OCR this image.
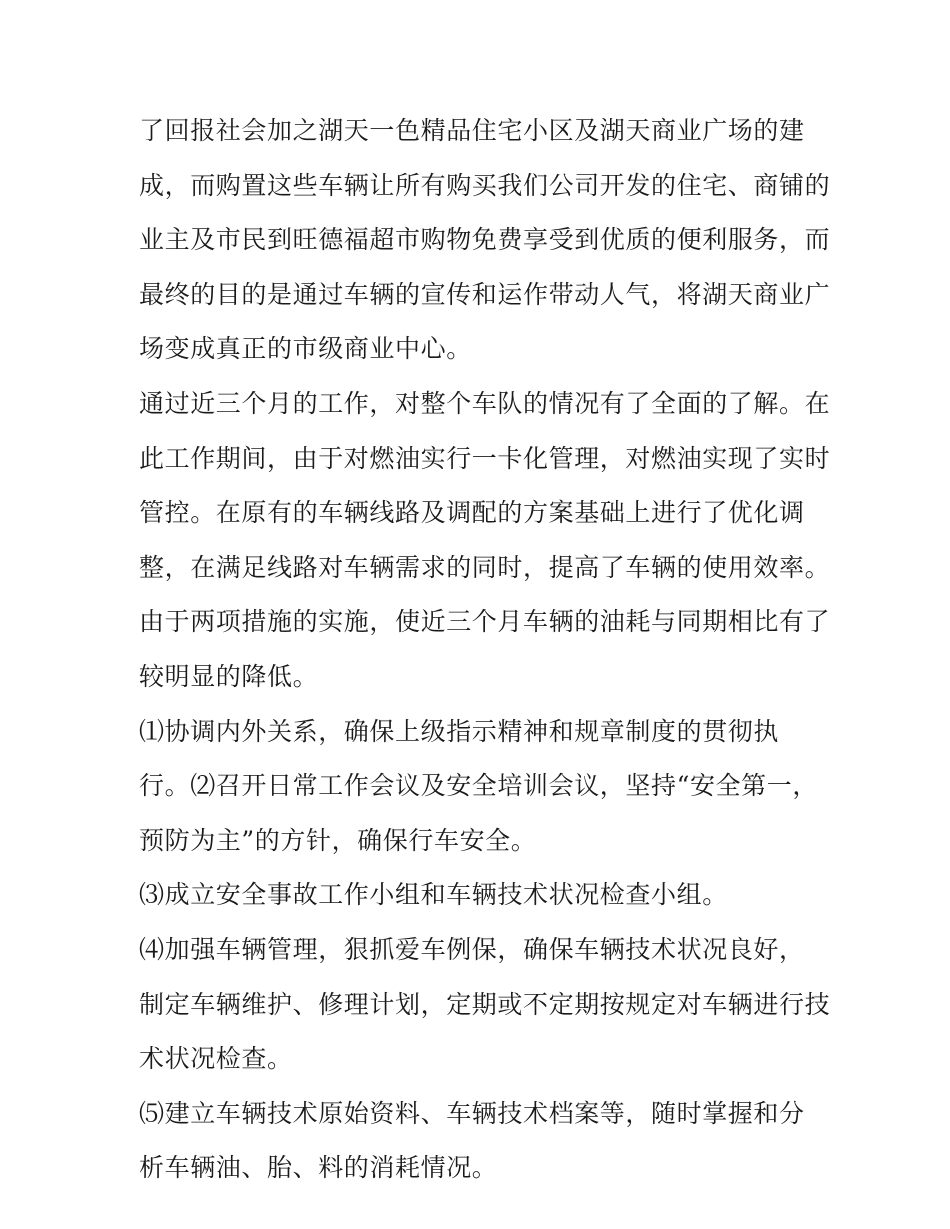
了回报社会加之湖天一色精品住宅小区及湖天商业广场的建
成，而购置这些车辆让所有购买我们公司开发的住宅、商铺的
业主及市民到旺德福超市购物免费享受到优质的便利服务，而
最终的目的是通过车辆的宣传和运作带动人气，将湖天商业广
场变成真正的市级商业中心。

通过近三个月的工作，对整个车队的情况有了全面的了解。在
此工作期间，由于对燃油实行一卡化管理，对燃油实现了实时
管控。在原有的车辆线路及调配的方案基础上进行了优化调
整，在满足线路对车辆需求的同时，提高了车辆的使用效率。
由于两项措施的实施，使近三个月车辆的油耗与同期相比有了
较明显的降低。

⑴协调内外关系，确保上级指示精神和规章制度的贯彻执
行。⑵召开日常工作会议及安全培训会议，坚持“安全第一，
预防为主”的方针，确保行车安全。

⑶成立安全事故工作小组和车辆技术状况检查小组。

⑷加强车辆管理，狠抓爱车例保，确保车辆技术状况良好，
制定车辆维护、修理计划，定期或不定期按规定对车辆进行技
术状况检查。

⑸建立车辆技术原始资料、车辆技术档案等，随时掌握和分
析车辆油、胎、料的消耗情况。
